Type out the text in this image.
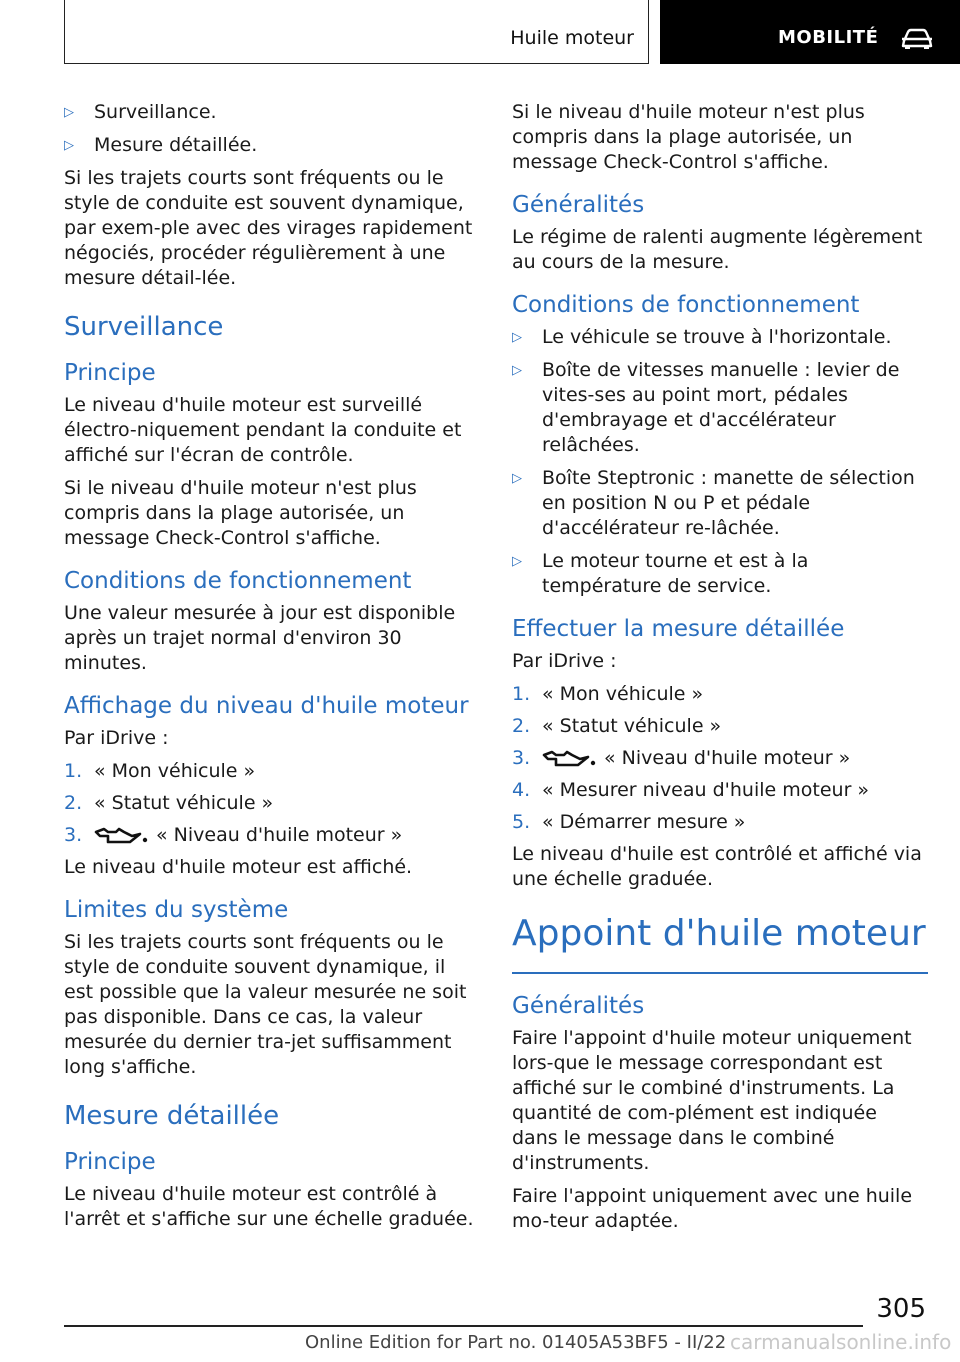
Huile moteur	MOBILITÉ
▷	Surveillance.
▷	Mesure détaillée.

Si les trajets courts sont fréquents ou le style de conduite est souvent dynamique, par exem-ple avec des virages rapidement négociés, procéder régulièrement à une mesure détail-lée.

Surveillance
Principe

Le niveau d'huile moteur est surveillé électro-niquement pendant la conduite et affiché sur l'écran de contrôle.

Si le niveau d'huile moteur n'est plus compris dans la plage autorisée, un message Check-Control s'affiche.

Conditions de fonctionnement

Une valeur mesurée à jour est disponible après un trajet normal d'environ 30 minutes.

Affichage du niveau d'huile moteur

Par iDrive :

1. « Mon véhicule »
2. « Statut véhicule »
3.	« Niveau d'huile moteur »

Le niveau d'huile moteur est affiché.

Limites du système

Si les trajets courts sont fréquents ou le style de conduite souvent dynamique, il est possible que la valeur mesurée ne soit pas disponible. Dans ce cas, la valeur mesurée du dernier tra-jet suffisamment long s'affiche.

Mesure détaillée
Principe

Le niveau d'huile moteur est contrôlé à l'arrêt et s'affiche sur une échelle graduée.

Si le niveau d'huile moteur n'est plus compris dans la plage autorisée, un message Check-Control s'affiche.

Généralités

Le régime de ralenti augmente légèrement au cours de la mesure.

Conditions de fonctionnement
▷	Le véhicule se trouve à l'horizontale.
▷	Boîte de vitesses manuelle : levier de vites-ses au point mort, pédales d'embrayage et d'accélérateur relâchées.
▷	Boîte Steptronic : manette de sélection en position N ou P et pédale d'accélérateur re-lâchée.
▷	Le moteur tourne et est à la température de service.
Effectuer la mesure détaillée

Par iDrive :

1. « Mon véhicule »
2. « Statut véhicule »
3.	« Niveau d'huile moteur »
4. « Mesurer niveau d'huile moteur »
5. « Démarrer mesure »

Le niveau d'huile est contrôlé et affiché via une échelle graduée.

Appoint d'huile moteur
Généralités

Faire l'appoint d'huile moteur uniquement lors-que le message correspondant est affiché sur le combiné d'instruments. La quantité de com-plément est indiquée dans le message dans le combiné d'instruments.

Faire l'appoint uniquement avec une huile mo-teur adaptée.

305
Online Edition for Part no. 01405A53BF5 - II/22 carmanualsonline.info
